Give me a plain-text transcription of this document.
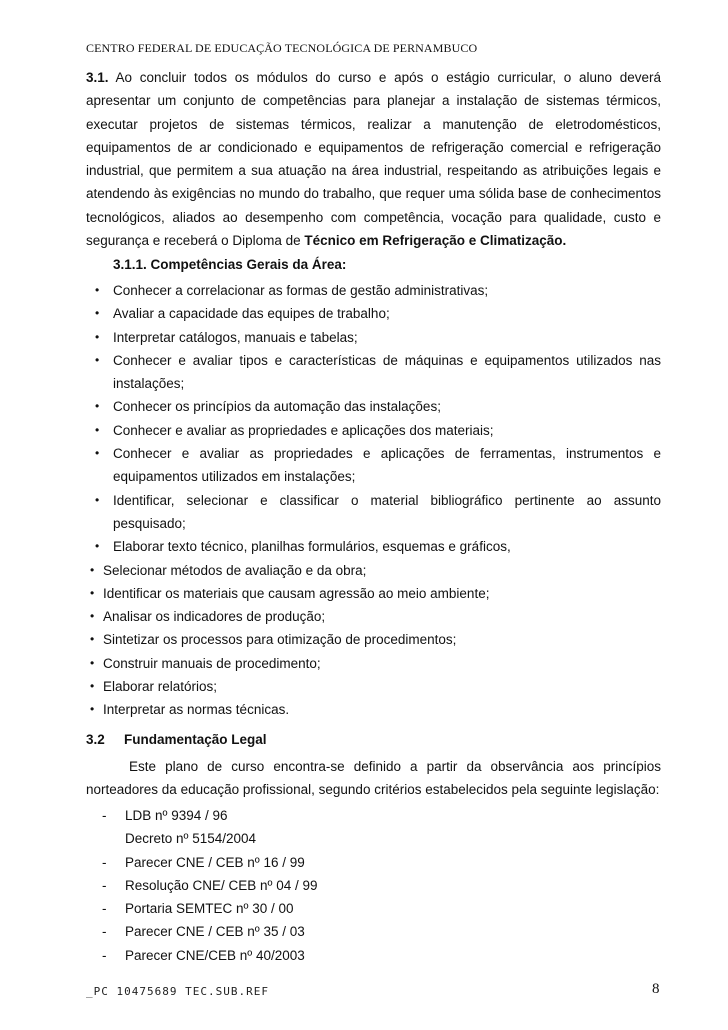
CENTRO FEDERAL DE EDUCAÇÃO TECNOLÓGICA DE PERNAMBUCO

3.1. Ao concluir todos os módulos do curso e após o estágio curricular, o aluno deverá apresentar um conjunto de competências para planejar a instalação de sistemas térmicos, executar projetos de sistemas térmicos, realizar a manutenção de eletrodomésticos, equipamentos de ar condicionado e equipamentos de refrigeração comercial e refrigeração industrial, que permitem a sua atuação na área industrial, respeitando as atribuições legais e atendendo às exigências no mundo do trabalho, que requer uma sólida base de conhecimentos tecnológicos, aliados ao desempenho com competência, vocação para qualidade, custo e segurança e receberá o Diploma de Técnico em Refrigeração e Climatização.

3.1.1. Competências Gerais da Área:
• Conhecer a correlacionar as formas de gestão administrativas;
• Avaliar a capacidade das equipes de trabalho;
• Interpretar catálogos, manuais e tabelas;
• Conhecer e avaliar tipos e características de máquinas e equipamentos utilizados nas instalações;
• Conhecer os princípios da automação das instalações;
• Conhecer e avaliar as propriedades e aplicações dos materiais;
• Conhecer e avaliar as propriedades e aplicações de ferramentas, instrumentos e equipamentos utilizados em instalações;
• Identificar, selecionar e classificar o material bibliográfico pertinente ao assunto pesquisado;
• Elaborar texto técnico, planilhas formulários, esquemas e gráficos,
• Selecionar métodos de avaliação e da obra;
• Identificar os materiais que causam agressão ao meio ambiente;
• Analisar os indicadores de produção;
• Sintetizar os processos para otimização de procedimentos;
• Construir manuais de procedimento;
• Elaborar relatórios;
• Interpretar as normas técnicas.
3.2 Fundamentação Legal

Este plano de curso encontra-se definido a partir da observância aos princípios norteadores da educação profissional, segundo critérios estabelecidos pela seguinte legislação:

- LDB nº 9394 / 96
Decreto nº 5154/2004
- Parecer CNE / CEB nº 16 / 99
- Resolução CNE/ CEB nº 04 / 99
- Portaria SEMTEC nº 30 / 00
- Parecer CNE / CEB nº 35 / 03
- Parecer CNE/CEB nº 40/2003
_PC 10475689 TEC.SUB.REF	8
